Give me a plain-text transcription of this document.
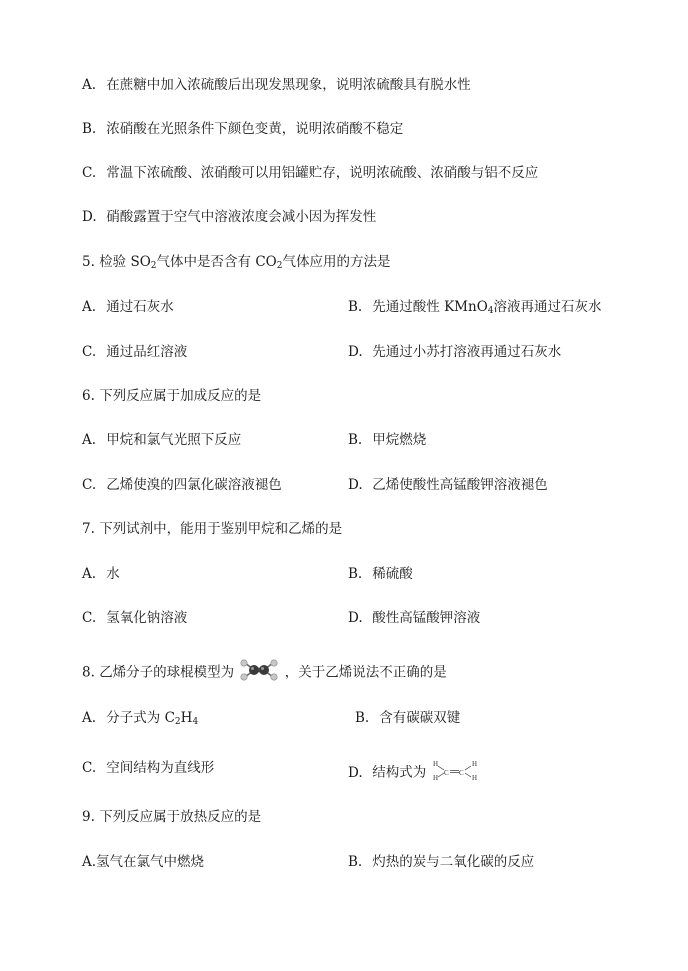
A. 在蔗糖中加入浓硫酸后出现发黑现象，说明浓硫酸具有脱水性
B. 浓硝酸在光照条件下颜色变黄，说明浓硝酸不稳定
C. 常温下浓硫酸、浓硝酸可以用铝罐贮存，说明浓硫酸、浓硝酸与铝不反应
D. 硝酸露置于空气中溶液浓度会减小因为挥发性
5. 检验 $SO_2$气体中是否含有 $CO_2$气体应用的方法是
A. 通过石灰水	B. 先通过酸性 KMnO$_4$溶液再通过石灰水
C. 通过品红溶液	D. 先通过小苏打溶液再通过石灰水
6. 下列反应属于加成反应的是
A. 甲烷和氯气光照下反应	B. 甲烷燃烧
C. 乙烯使溴的四氯化碳溶液褪色	D. 乙烯使酸性高锰酸钾溶液褪色
7. 下列试剂中，能用于鉴别甲烷和乙烯的是
A. 水	B. 稀硫酸
C. 氢氧化钠溶液	D. 酸性高锰酸钾溶液
8. 乙烯分子的球棍模型为	，关于乙烯说法不正确的是
A. 分子式为 $C_2H_4$	B. 含有碳碳双键
C. 空间结构为直线形	D. 结构式为
H
H
C C
H
H
9. 下列反应属于放热反应的是
A.氢气在氯气中燃烧	B. 灼热的炭与二氧化碳的反应
